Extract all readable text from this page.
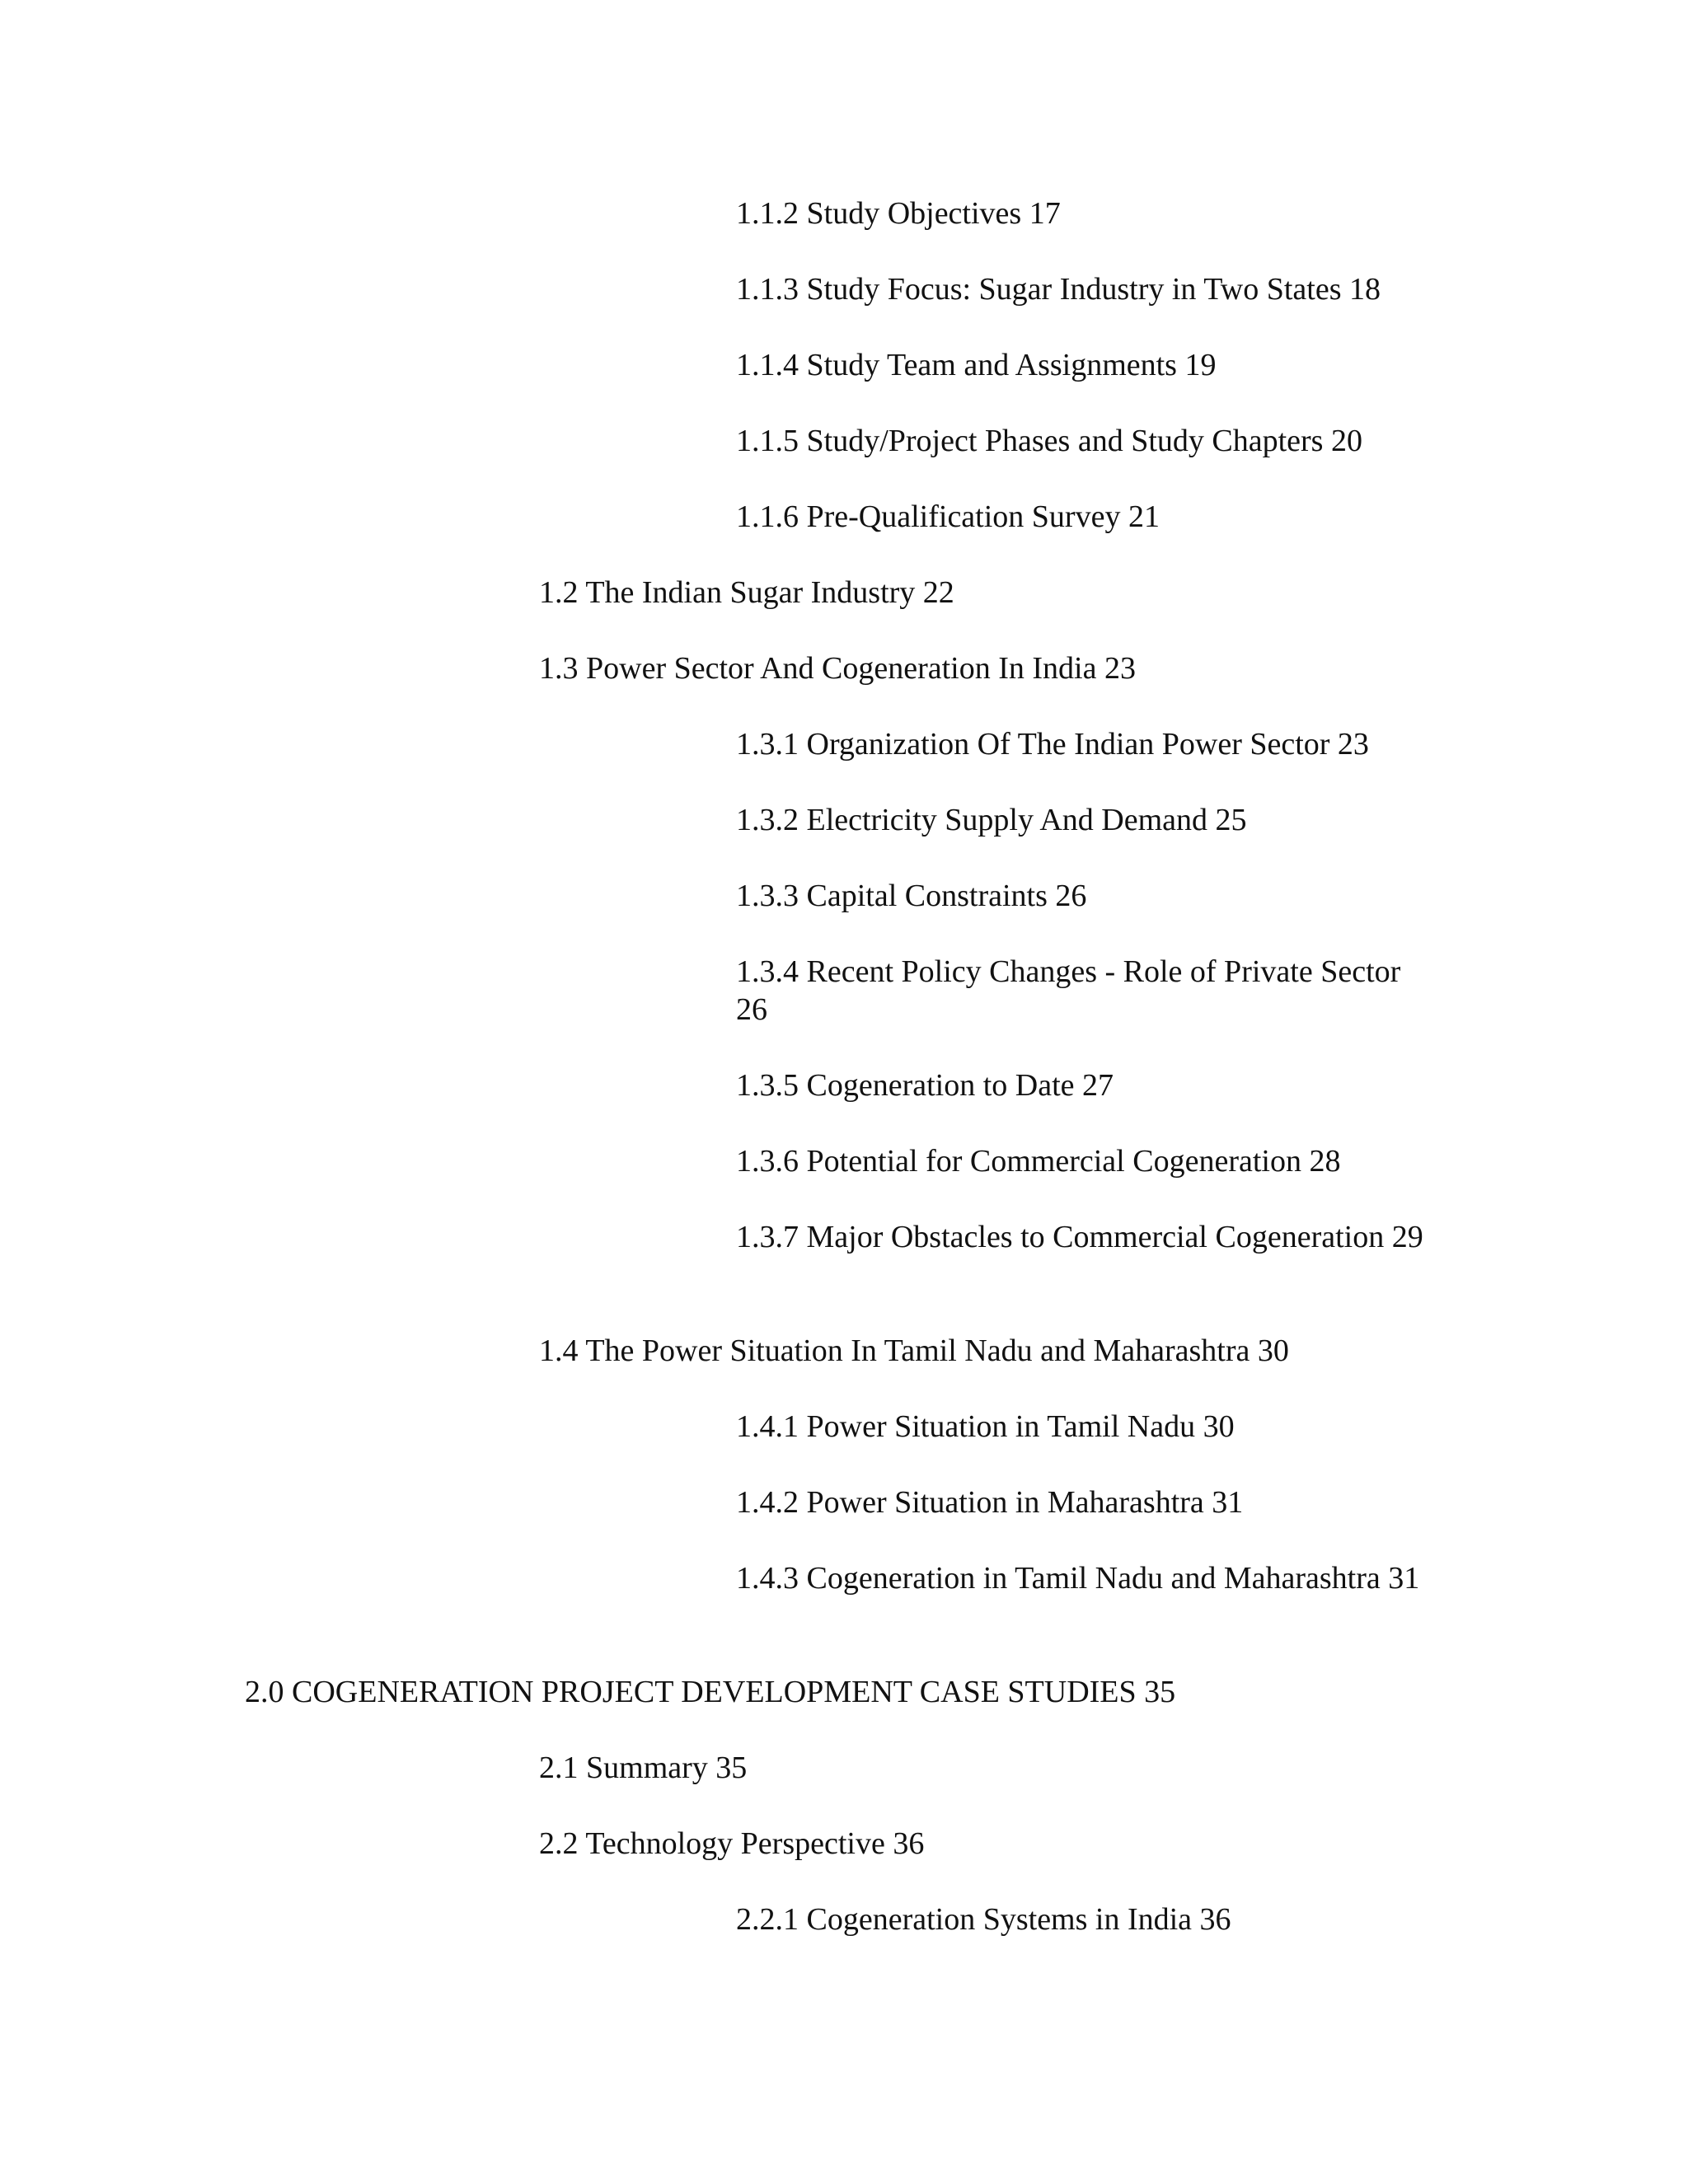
1.1.2 Study Objectives 17
1.1.3 Study Focus: Sugar Industry in Two States 18
1.1.4 Study Team and Assignments 19
1.1.5 Study/Project Phases and Study Chapters 20
1.1.6 Pre-Qualification Survey 21
1.2 The Indian Sugar Industry 22
1.3 Power Sector And Cogeneration In India 23
1.3.1 Organization Of The Indian Power Sector 23
1.3.2 Electricity Supply And Demand 25
1.3.3 Capital Constraints 26
1.3.4 Recent Policy Changes - Role of Private Sector 26
1.3.5 Cogeneration to Date 27
1.3.6 Potential for Commercial Cogeneration 28
1.3.7 Major Obstacles to Commercial Cogeneration 29
1.4 The Power Situation In Tamil Nadu and Maharashtra 30
1.4.1 Power Situation in Tamil Nadu 30
1.4.2 Power Situation in Maharashtra 31
1.4.3 Cogeneration in Tamil Nadu and Maharashtra 31
2.0 COGENERATION PROJECT DEVELOPMENT CASE STUDIES 35
2.1 Summary 35
2.2 Technology Perspective 36
2.2.1 Cogeneration Systems in India 36
